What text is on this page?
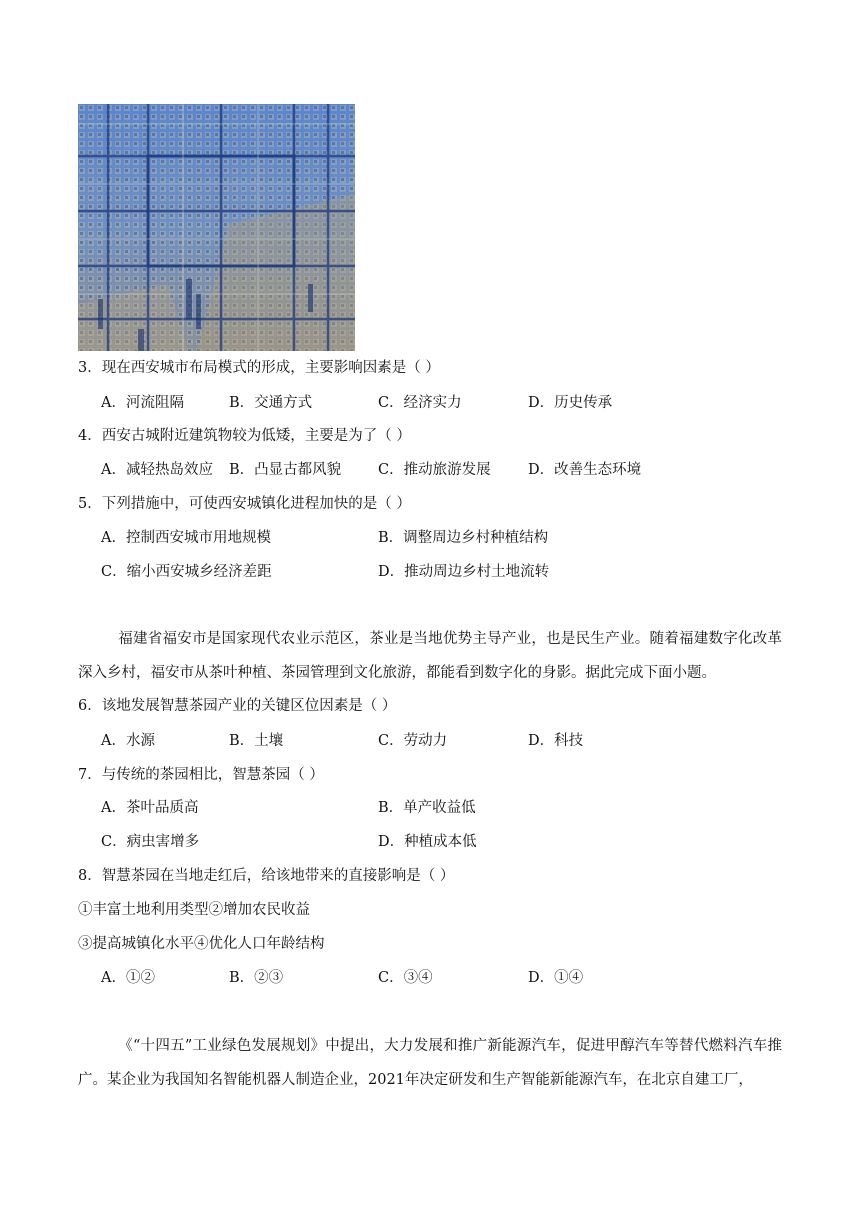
3．现在西安城市布局模式的形成，主要影响因素是（ ）
A．河流阻隔	B．交通方式	C．经济实力	D．历史传承
4．西安古城附近建筑物较为低矮，主要是为了（ ）
A．减轻热岛效应 B．凸显古都风貌	C．推动旅游发展	D．改善生态环境
5．下列措施中，可使西安城镇化进程加快的是（ ）
A．控制西安城市用地规模	B．调整周边乡村种植结构
C．缩小西安城乡经济差距	D．推动周边乡村土地流转
福建省福安市是国家现代农业示范区，茶业是当地优势主导产业，也是民生产业。随着福建数字化改革深入乡村，福安市从茶叶种植、茶园管理到文化旅游，都能看到数字化的身影。据此完成下面小题。
6．该地发展智慧茶园产业的关键区位因素是（ ）
A．水源	B．土壤	C．劳动力	D．科技
7．与传统的茶园相比，智慧茶园（ ）
A．茶叶品质高	B．单产收益低
C．病虫害增多	D．种植成本低
8．智慧茶园在当地走红后，给该地带来的直接影响是（ ）
①丰富土地利用类型②增加农民收益
③提高城镇化水平④优化人口年龄结构
A．①②	B．②③	C．③④	D．①④
《“十四五”工业绿色发展规划》中提出，大力发展和推广新能源汽车，促进甲醇汽车等替代燃料汽车推广。某企业为我国知名智能机器人制造企业，2021年决定研发和生产智能新能源汽车，在北京自建工厂，
